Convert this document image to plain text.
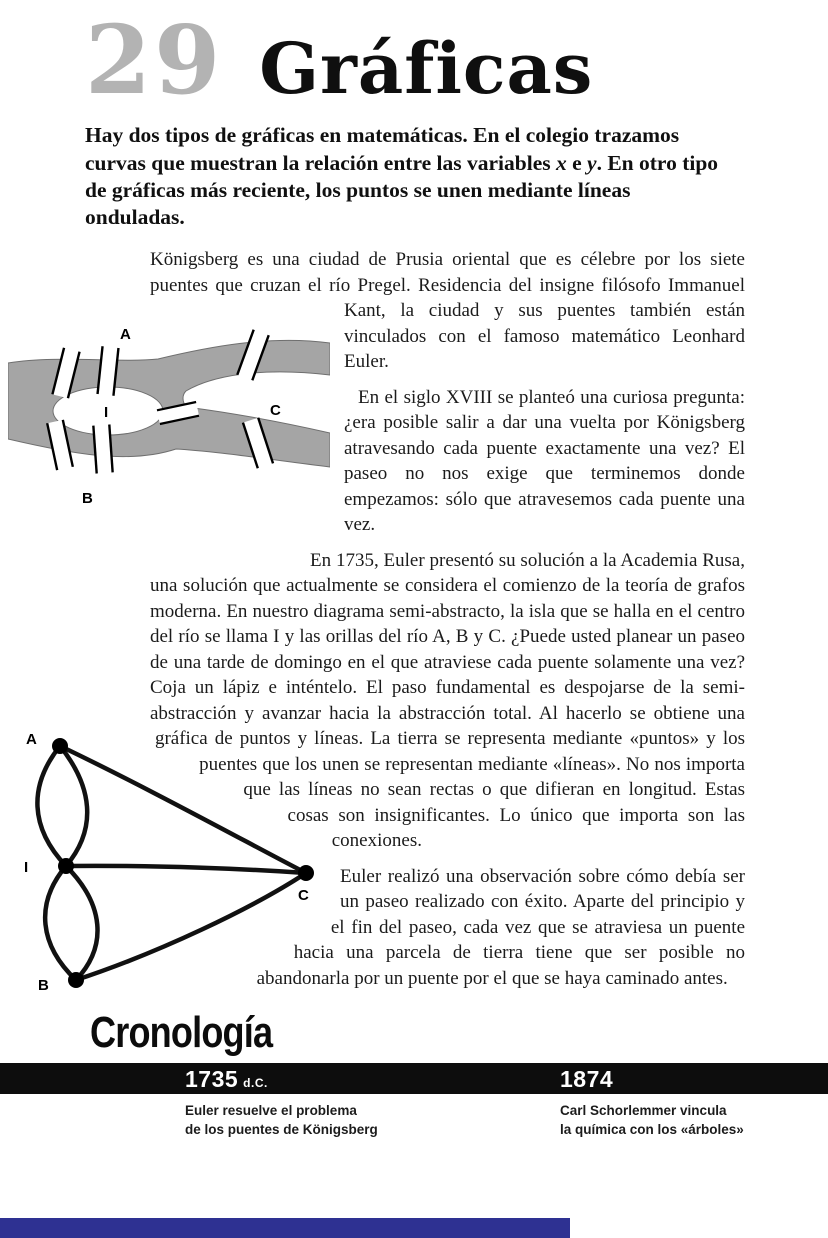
29 Gráficas

Hay dos tipos de gráficas en matemáticas. En el colegio trazamos curvas que muestran la relación entre las variables x e y. En otro tipo de gráficas más reciente, los puntos se unen mediante líneas onduladas.

A
I
B
C

Königsberg es una ciudad de Prusia oriental que es célebre por los siete puentes que cruzan el río Pregel. Residencia del insigne filósofo Immanuel Kant, la ciudad y sus puentes también están vinculados con el famoso matemático Leonhard Euler.

En el siglo XVIII se planteó una curiosa pregunta: ¿era posible salir a dar una vuelta por Königsberg atravesando cada puente exactamente una vez? El paseo no nos exige que terminemos donde empezamos: sólo que atravesemos cada puente una vez.

A
I
B
C

En 1735, Euler presentó su solución a la Academia Rusa, una solución que actualmente se considera el comienzo de la teoría de grafos moderna. En nuestro diagrama semi-abstracto, la isla que se halla en el centro del río se llama I y las orillas del río A, B y C. ¿Puede usted planear un paseo de una tarde de domingo en el que atraviese cada puente solamente una vez? Coja un lápiz e inténtelo. El paso fundamental es despojarse de la semi-abstracción y avanzar hacia la abstracción total. Al hacerlo se obtiene una gráfica de puntos y líneas. La tierra se representa mediante «puntos» y los puentes que los unen se representan mediante «líneas». No nos importa que las líneas no sean rectas o que difieran en longitud. Estas cosas son insignificantes. Lo único que importa son las conexiones.

Euler realizó una observación sobre cómo debía ser un paseo realizado con éxito. Aparte del principio y el fin del paseo, cada vez que se atraviesa un puente hacia una parcela de tierra tiene que ser posible no abandonarla por un puente por el que se haya caminado antes.

Cronología
1735 d.C.	1874
Euler resuelve el problema
de los puentes de Königsberg
Carl Schorlemmer vincula
la química con los «árboles»
